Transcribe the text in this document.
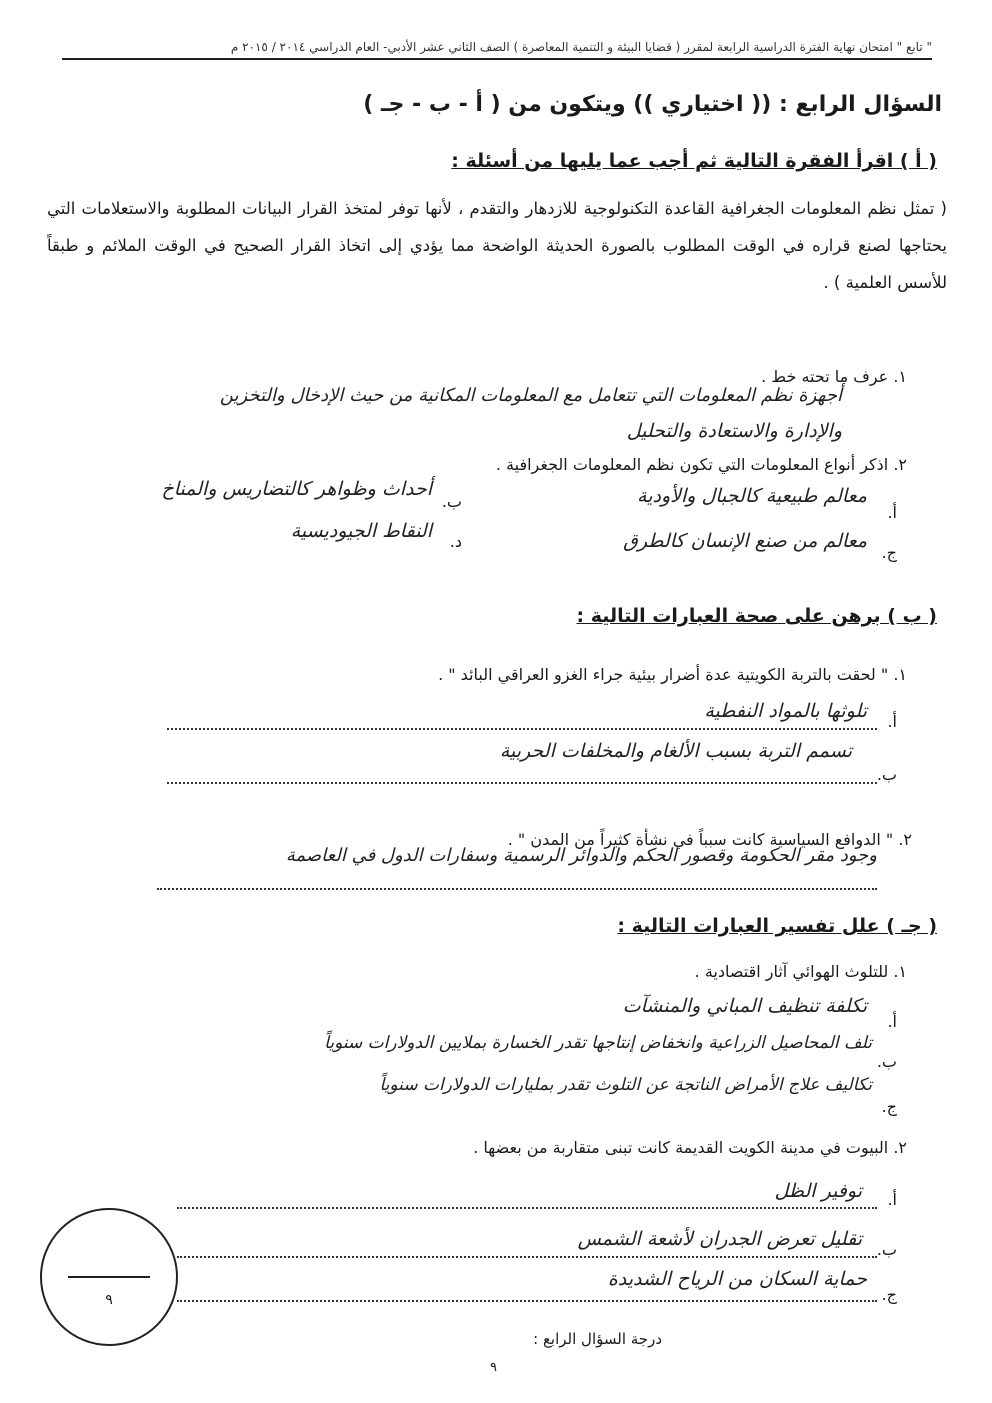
" تابع " امتحان نهاية الفترة الدراسية الرابعة لمقرر ( قضايا البيئة و التنمية المعاصرة ) الصف الثاني عشر الأدبي- العام الدراسي ٢٠١٤ / ٢٠١٥ م
السؤال الرابع : (( اختياري )) ويتكون من ( أ - ب - جـ )
( أ ) اقرأ الفقرة التالية ثم أجب عما يليها من أسئلة :
( تمثل نظم المعلومات الجغرافية القاعدة التكنولوجية للازدهار والتقدم ، لأنها توفر لمتخذ القرار البيانات المطلوبة والاستعلامات التي يحتاجها لصنع قراره في الوقت المطلوب بالصورة الحديثة الواضحة مما يؤدي إلى اتخاذ القرار الصحيح في الوقت الملائم و طبقاً للأسس العلمية ) .
١. عرف ما تحته خط .
أجهزة نظم المعلومات التي تتعامل مع المعلومات المكانية من حيث الإدخال والتخزين
والإدارة والاستعادة والتحليل
٢. اذكر أنواع المعلومات التي تكون نظم المعلومات الجغرافية .
أ.
معالم طبيعية كالجبال والأودية
ب.
أحداث وظواهر كالتضاريس والمناخ
ج.
معالم من صنع الإنسان كالطرق
د.
النقاط الجيوديسية
( ب ) برهن على صحة العبارات التالية :
١. " لحقت بالتربة الكويتية عدة أضرار بيئية جراء الغزو العراقي البائد " .
أ.
تلوثها بالمواد النفطية
ب.
تسمم التربة بسبب الألغام والمخلفات الحربية
٢. " الدوافع السياسية كانت سبباً في نشأة كثيراً من المدن " .
وجود مقر الحكومة وقصور الحكم والدوائر الرسمية وسفارات الدول في العاصمة
( جـ ) علل تفسير العبارات التالية :
١. للتلوث الهوائي آثار اقتصادية .
أ.
تكلفة تنظيف المباني والمنشآت
ب.
تلف المحاصيل الزراعية وانخفاض إنتاجها تقدر الخسارة بملايين الدولارات سنوياً
ج.
تكاليف علاج الأمراض الناتجة عن التلوث تقدر بمليارات الدولارات سنوياً
٢. البيوت في مدينة الكويت القديمة كانت تبنى متقاربة من بعضها .
أ.
توفير الظل
ب.
تقليل تعرض الجدران لأشعة الشمس
ج.
حماية السكان من الرياح الشديدة
درجة السؤال الرابع :
٩
٩
